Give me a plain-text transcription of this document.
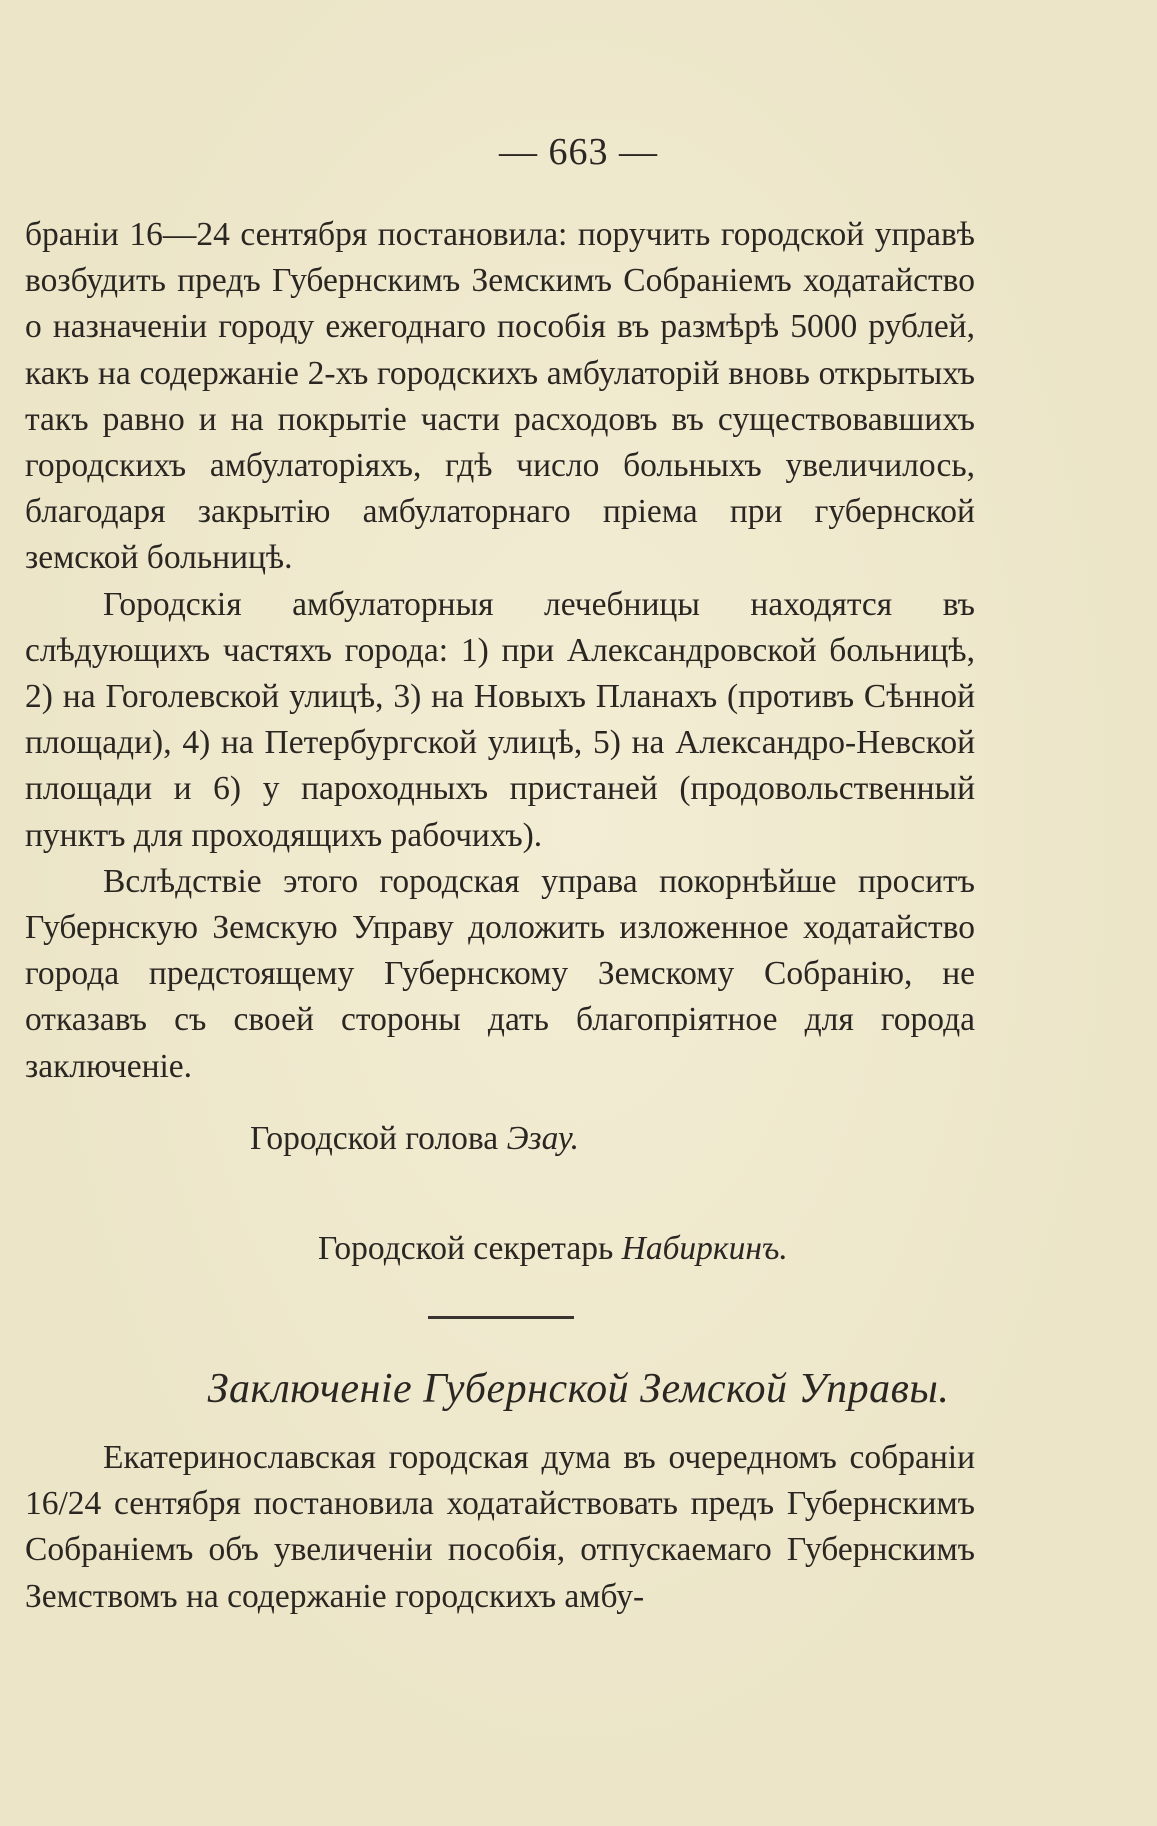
— 663 —

бранiи 16—24 сентября постановила: поручить городской управѣ возбудить предъ Губернскимъ Земскимъ Собранiемъ ходатайство о назначенiи городу ежегоднаго пособiя въ размѣрѣ 5000 рублей, какъ на содержанiе 2-хъ городскихъ амбулаторiй вновь открытыхъ такъ равно и на покрытiе части расходовъ въ существовавшихъ городскихъ амбулаторiяхъ, гдѣ число больныхъ увеличилось, благодаря закрытiю амбулаторнаго прiема при губернской земской больницѣ.

Городскiя амбулаторныя лечебницы находятся въ слѣдующихъ частяхъ города: 1) при Александровской больницѣ, 2) на Гоголевской улицѣ, 3) на Новыхъ Планахъ (противъ Сѣнной площади), 4) на Петербургской улицѣ, 5) на Александро-Невской площади и 6) у пароходныхъ пристаней (продовольственный пунктъ для проходящихъ рабочихъ).

Вслѣдствiе этого городская управа покорнѣйше проситъ Губернскую Земскую Управу доложить изложенное ходатайство города предстоящему Губернскому Земскому Собранiю, не отказавъ съ своей стороны дать благопрiятное для города заключенiе.

Городской голова Эзау.
Городской секретарь Набиркинъ.
Заключенiе Губернской Земской Управы.

Екатеринославская городская дума въ очередномъ собранiи 16/24 сентября постановила ходатайствовать предъ Губернскимъ Собранiемъ объ увеличенiи пособiя, отпускаемаго Губернскимъ Земствомъ на содержанiе городскихъ амбу-
